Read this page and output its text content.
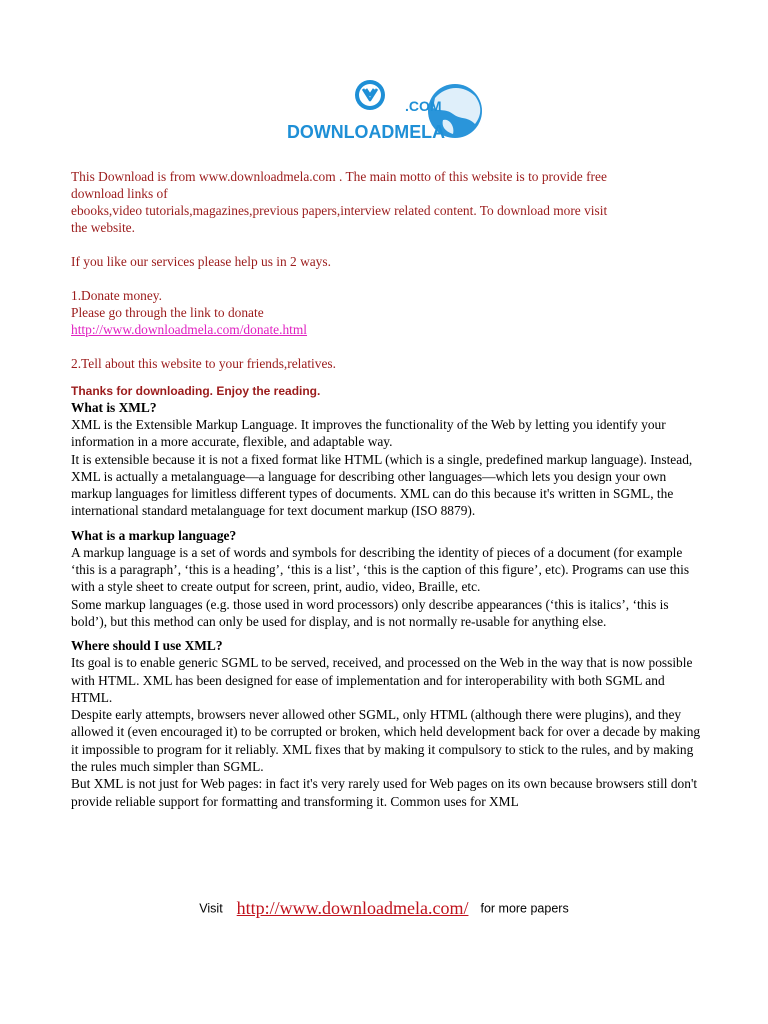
.COM
DOWNLOADMELA

This Download is from www.downloadmela.com . The main motto of this website is to provide free

download links of

ebooks,video tutorials,magazines,previous papers,interview related content. To download more visit

the website.

If you like our services please help us in 2 ways.

1.Donate money.

Please go through the link to donate

http://www.downloadmela.com/donate.html

2.Tell about this website to your friends,relatives.

Thanks for downloading. Enjoy the reading.
What is XML?

XML is the Extensible Markup Language. It improves the functionality of the Web by letting you identify your information in a more accurate, flexible, and adaptable way.

It is extensible because it is not a fixed format like HTML (which is a single, predefined markup language). Instead, XML is actually a metalanguage—a language for describing other languages—which lets you design your own markup languages for limitless different types of documents. XML can do this because it's written in SGML, the international standard metalanguage for text document markup (ISO 8879).

What is a markup language?

A markup language is a set of words and symbols for describing the identity of pieces of a document (for example ‘this is a paragraph’, ‘this is a heading’, ‘this is a list’, ‘this is the caption of this figure’, etc). Programs can use this with a style sheet to create output for screen, print, audio, video, Braille, etc.

Some markup languages (e.g. those used in word processors) only describe appearances (‘this is italics’, ‘this is bold’), but this method can only be used for display, and is not normally re-usable for anything else.

Where should I use XML?

Its goal is to enable generic SGML to be served, received, and processed on the Web in the way that is now possible with HTML. XML has been designed for ease of implementation and for interoperability with both SGML and HTML.

Despite early attempts, browsers never allowed other SGML, only HTML (although there were plugins), and they allowed it (even encouraged it) to be corrupted or broken, which held development back for over a decade by making it impossible to program for it reliably. XML fixes that by making it compulsory to stick to the rules, and by making the rules much simpler than SGML.

But XML is not just for Web pages: in fact it's very rarely used for Web pages on its own because browsers still don't provide reliable support for formatting and transforming it. Common uses for XML

Visit http://www.downloadmela.com/ for more papers
